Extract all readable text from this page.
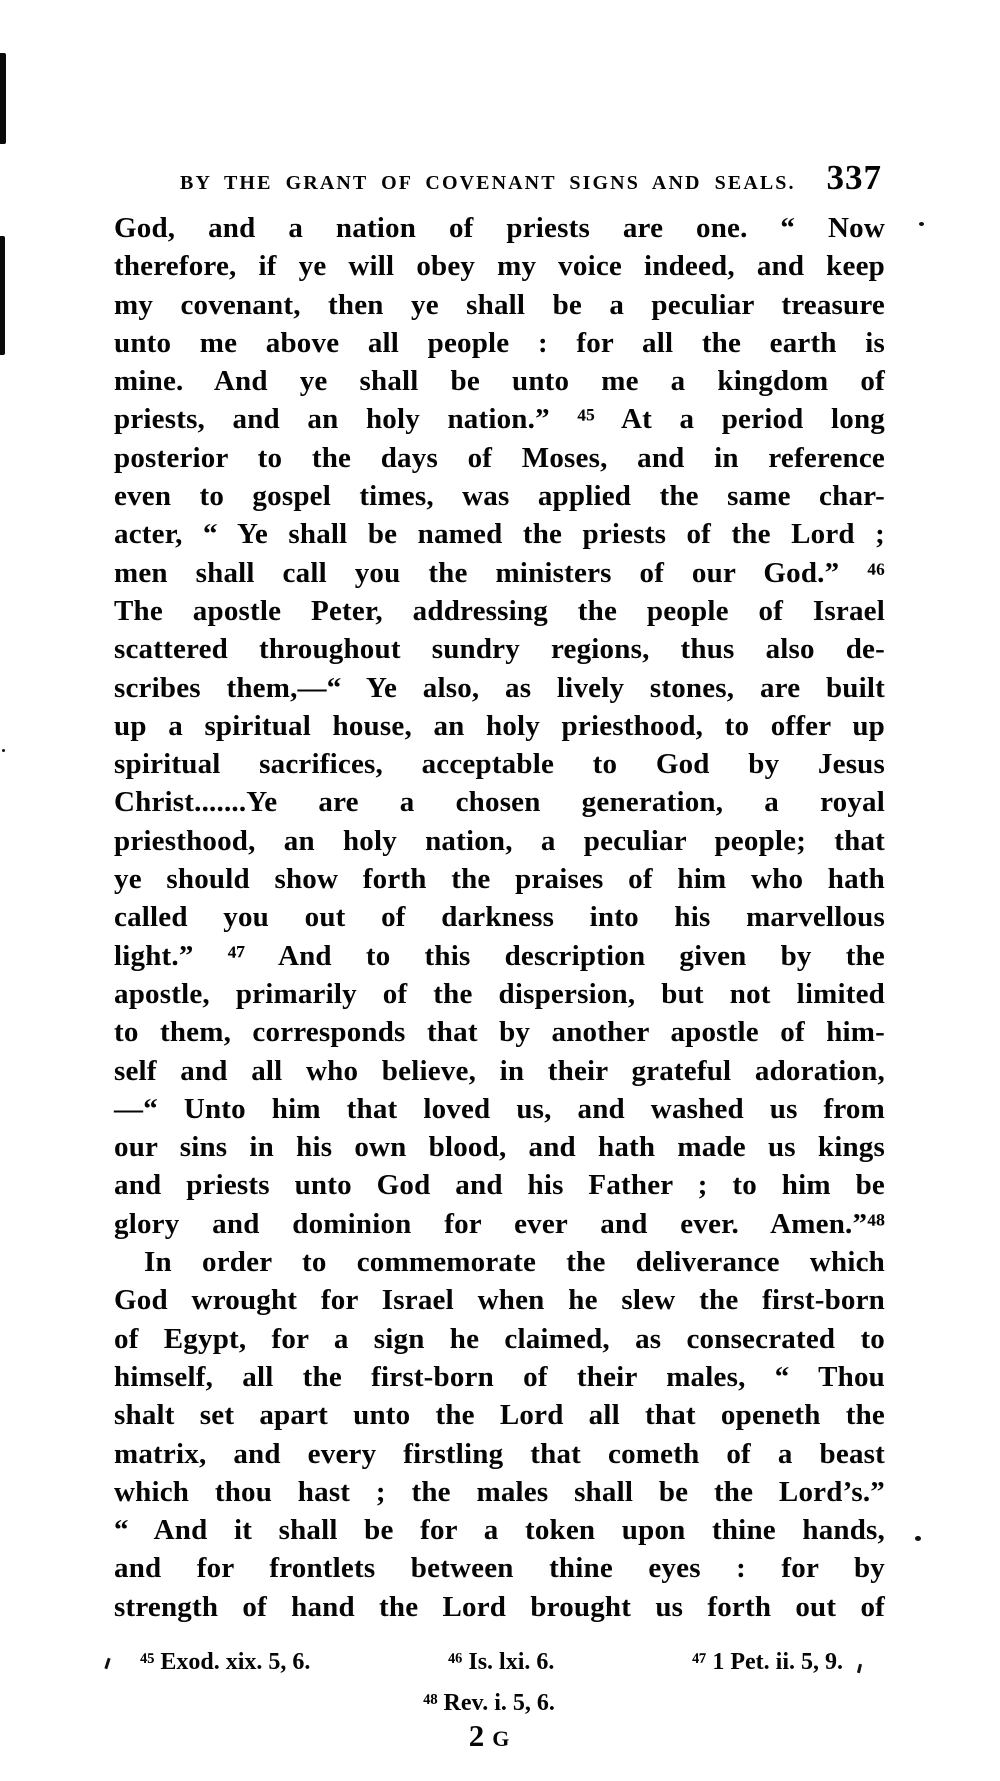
BY THE GRANT OF COVENANT SIGNS AND SEALS. 337
God, and a nation of priests are one. “ Now
therefore, if ye will obey my voice indeed, and keep
my covenant, then ye shall be a peculiar treasure
unto me above all people : for all the earth is
mine. And ye shall be unto me a kingdom of
priests, and an holy nation.” ⁴⁵ At a period long
posterior to the days of Moses, and in reference
even to gospel times, was applied the same char-
acter, “ Ye shall be named the priests of the Lord ;
men shall call you the ministers of our God.” ⁴⁶
The apostle Peter, addressing the people of Israel
scattered throughout sundry regions, thus also de-
scribes them,—“ Ye also, as lively stones, are built
up a spiritual house, an holy priesthood, to offer up
spiritual sacrifices, acceptable to God by Jesus
Christ.......Ye are a chosen generation, a royal
priesthood, an holy nation, a peculiar people; that
ye should show forth the praises of him who hath
called you out of darkness into his marvellous
light.” ⁴⁷ And to this description given by the
apostle, primarily of the dispersion, but not limited
to them, corresponds that by another apostle of him-
self and all who believe, in their grateful adoration,
—“ Unto him that loved us, and washed us from
our sins in his own blood, and hath made us kings
and priests unto God and his Father ; to him be
glory and dominion for ever and ever. Amen.”⁴⁸
In order to commemorate the deliverance which
God wrought for Israel when he slew the first-born
of Egypt, for a sign he claimed, as consecrated to
himself, all the first-born of their males, “ Thou
shalt set apart unto the Lord all that openeth the
matrix, and every firstling that cometh of a beast
which thou hast ; the males shall be the Lord’s.”
“ And it shall be for a token upon thine hands,
and for frontlets between thine eyes : for by
strength of hand the Lord brought us forth out of
⁴⁵ Exod. xix. 5, 6.	⁴⁶ Is. lxi. 6.	⁴⁷ 1 Pet. ii. 5, 9.
⁴⁸ Rev. i. 5, 6.
2 G
